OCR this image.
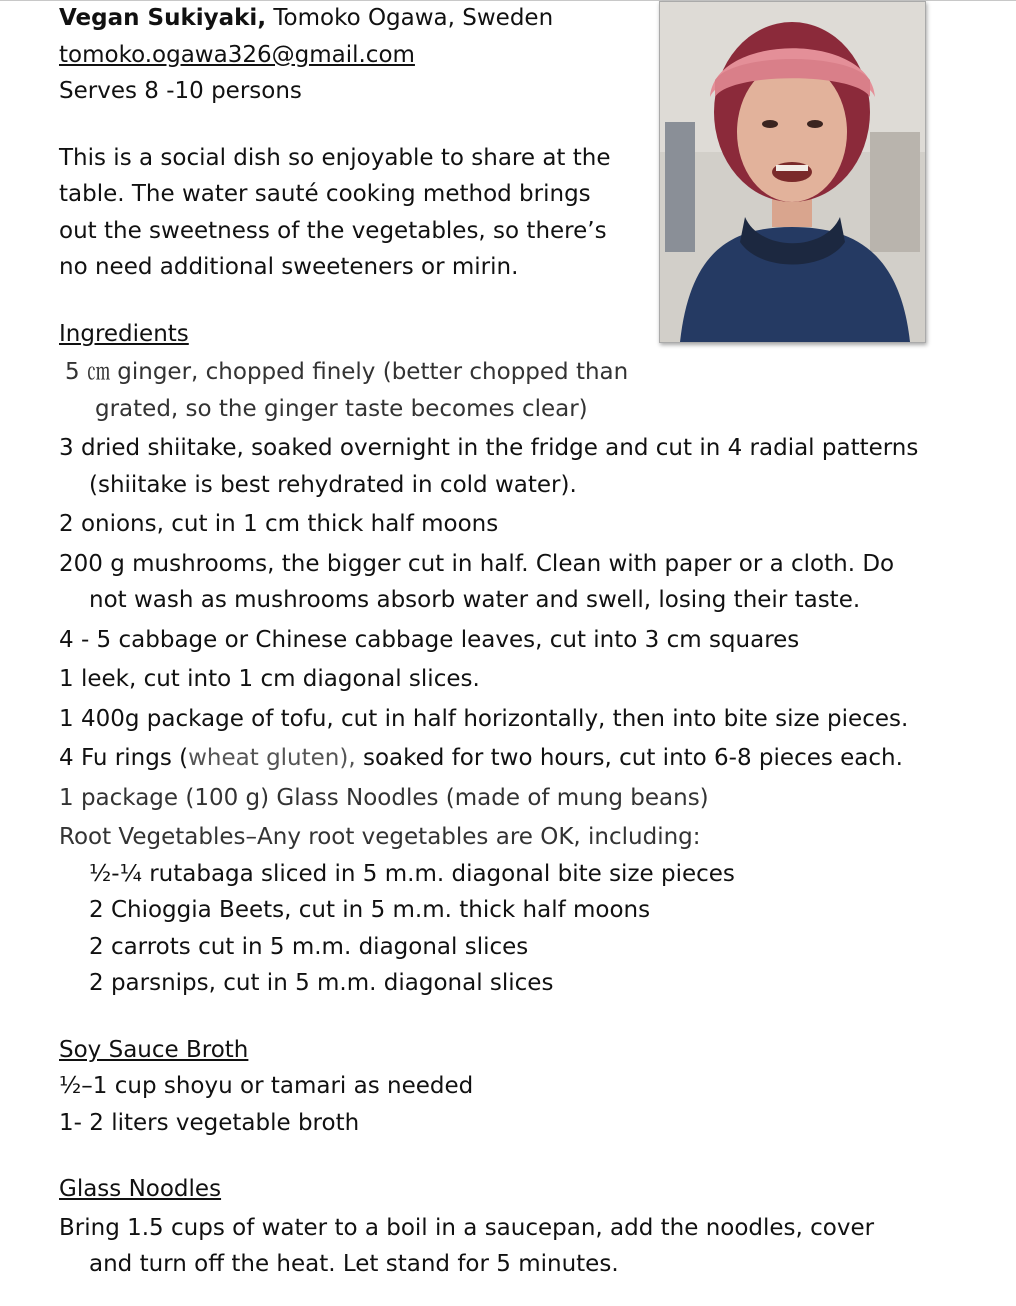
Vegan Sukiyaki, Tomoko Ogawa, Sweden
tomoko.ogawa326@gmail.com
Serves 8 -10 persons
This is a social dish so enjoyable to share at the
table. The water sauté cooking method brings
out the sweetness of the vegetables, so there’s
no need additional sweeteners or mirin.
Ingredients
5 ㎝ ginger, chopped finely (better chopped than
grated, so the ginger taste becomes clear)
3 dried shiitake, soaked overnight in the fridge and cut in 4 radial patterns
(shiitake is best rehydrated in cold water).
2 onions, cut in 1 cm thick half moons
200 g mushrooms, the bigger cut in half. Clean with paper or a cloth. Do
not wash as mushrooms absorb water and swell, losing their taste.
4 - 5 cabbage or Chinese cabbage leaves, cut into 3 cm squares
1 leek, cut into 1 cm diagonal slices.
1 400g package of tofu, cut in half horizontally, then into bite size pieces.
4 Fu rings (wheat gluten), soaked for two hours, cut into 6-8 pieces each.
1 package (100 g) Glass Noodles (made of mung beans)
Root Vegetables–Any root vegetables are OK, including:
½-¼ rutabaga sliced in 5 m.m. diagonal bite size pieces
2 Chioggia Beets, cut in 5 m.m. thick half moons
2 carrots cut in 5 m.m. diagonal slices
2 parsnips, cut in 5 m.m. diagonal slices
Soy Sauce Broth
½–1 cup shoyu or tamari as needed
1- 2 liters vegetable broth
Glass Noodles
Bring 1.5 cups of water to a boil in a saucepan, add the noodles, cover
and turn off the heat. Let stand for 5 minutes.
